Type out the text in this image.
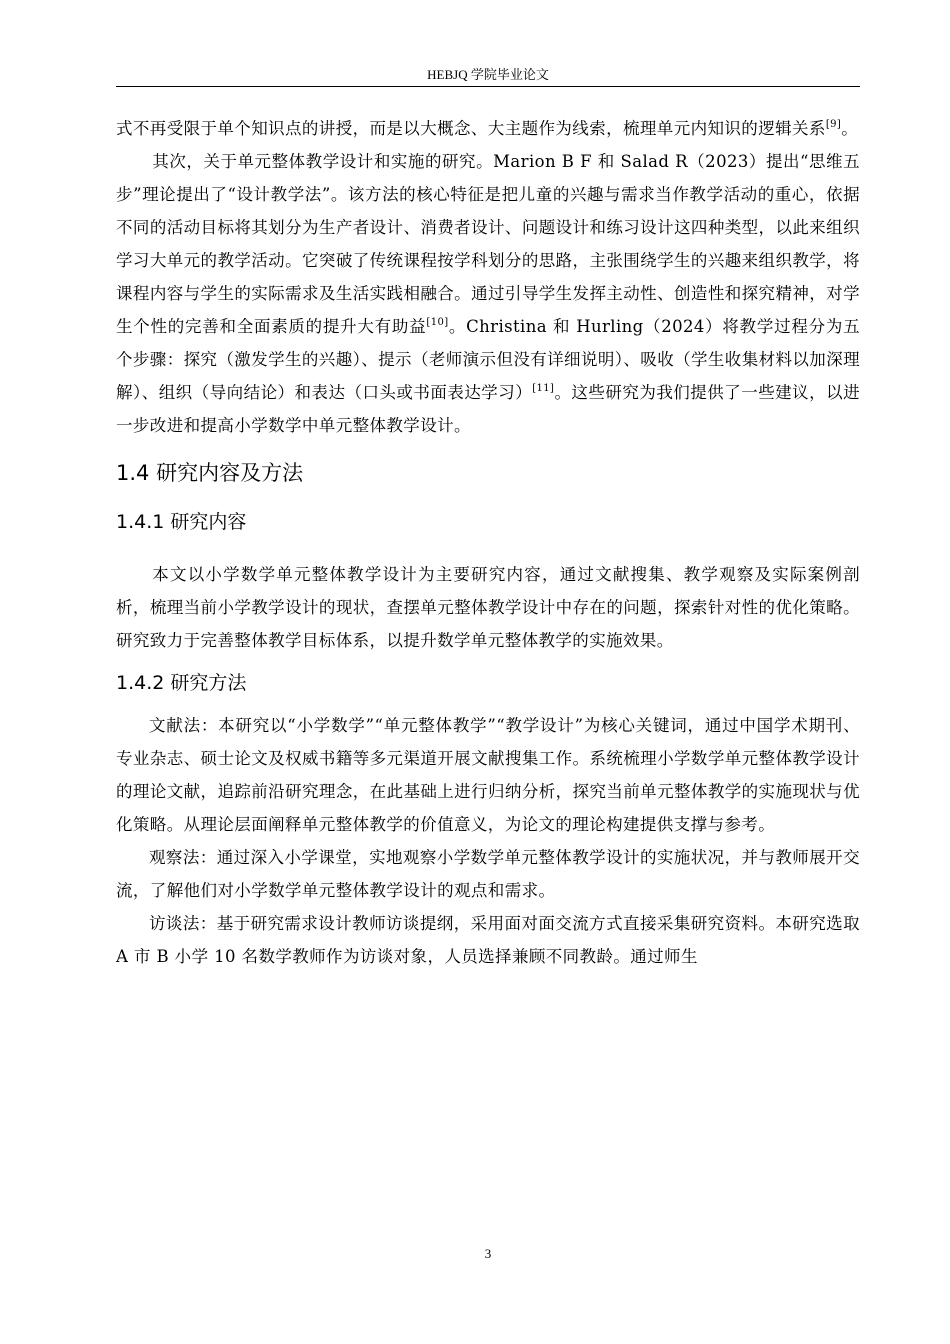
HEBJQ 学院毕业论文

式不再受限于单个知识点的讲授，而是以大概念、大主题作为线索，梳理单元内知识的逻辑关系[9]。

其次，关于单元整体教学设计和实施的研究。Marion B F 和 Salad R（2023）提出“思维五步”理论提出了“设计教学法”。该方法的核心特征是把儿童的兴趣与需求当作教学活动的重心，依据不同的活动目标将其划分为生产者设计、消费者设计、问题设计和练习设计这四种类型，以此来组织学习大单元的教学活动。它突破了传统课程按学科划分的思路，主张围绕学生的兴趣来组织教学，将课程内容与学生的实际需求及生活实践相融合。通过引导学生发挥主动性、创造性和探究精神，对学生个性的完善和全面素质的提升大有助益[10]。Christina 和 Hurling（2024）将教学过程分为五个步骤：探究（激发学生的兴趣）、提示（老师演示但没有详细说明）、吸收（学生收集材料以加深理解）、组织（导向结论）和表达（口头或书面表达学习）[11]。这些研究为我们提供了一些建议，以进一步改进和提高小学数学中单元整体教学设计。

1.4 研究内容及方法
1.4.1 研究内容

本文以小学数学单元整体教学设计为主要研究内容，通过文献搜集、教学观察及实际案例剖析，梳理当前小学教学设计的现状，查摆单元整体教学设计中存在的问题，探索针对性的优化策略。研究致力于完善整体教学目标体系，以提升数学单元整体教学的实施效果。

1.4.2 研究方法

文献法：本研究以“小学数学”“单元整体教学”“教学设计”为核心关键词，通过中国学术期刊、专业杂志、硕士论文及权威书籍等多元渠道开展文献搜集工作。系统梳理小学数学单元整体教学设计的理论文献，追踪前沿研究理念，在此基础上进行归纳分析，探究当前单元整体教学的实施现状与优化策略。从理论层面阐释单元整体教学的价值意义，为论文的理论构建提供支撑与参考。

观察法：通过深入小学课堂，实地观察小学数学单元整体教学设计的实施状况，并与教师展开交流，了解他们对小学数学单元整体教学设计的观点和需求。

访谈法：基于研究需求设计教师访谈提纲，采用面对面交流方式直接采集研究资料。本研究选取 A 市 B 小学 10 名数学教师作为访谈对象，人员选择兼顾不同教龄。通过师生

3
